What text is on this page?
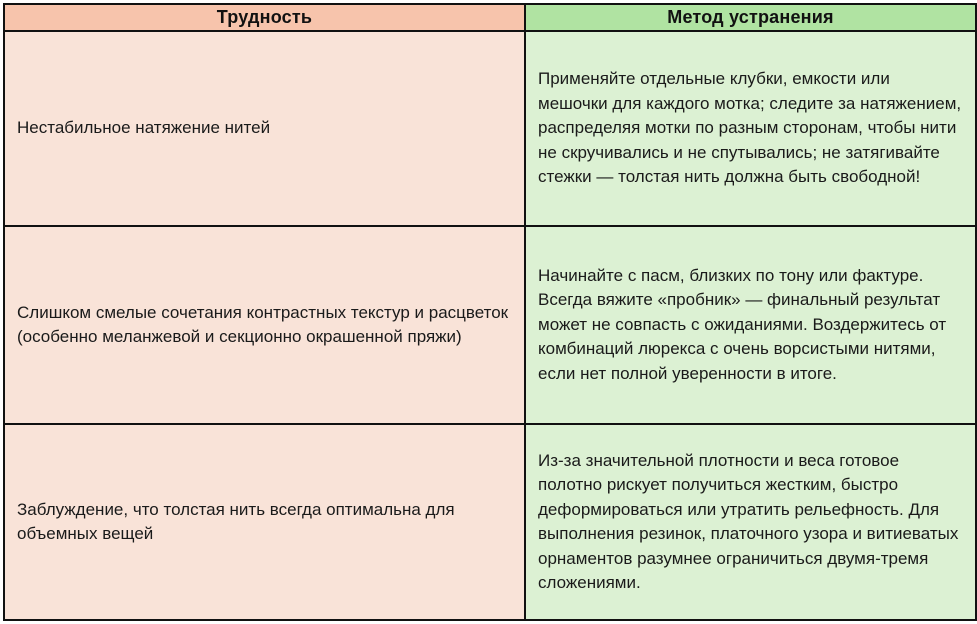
Трудность	Метод устранения
Нестабильное натяжение нитей	Применяйте отдельные клубки, емкости или мешочки для каждого мотка; следите за натяжением, распределяя мотки по разным сторонам, чтобы нити не скручивались и не спутывались; не затягивайте стежки — толстая нить должна быть свободной!
Слишком смелые сочетания контрастных текстур и расцветок (особенно меланжевой и секционно окрашенной пряжи)	Начинайте с пасм, близких по тону или фактуре. Всегда вяжите «пробник» — финальный результат может не совпасть с ожиданиями. Воздержитесь от комбинаций люрекса с очень ворсистыми нитями, если нет полной уверенности в итоге.
Заблуждение, что толстая нить всегда оптимальна для объемных вещей	Из-за значительной плотности и веса готовое полотно рискует получиться жестким, быстро деформироваться или утратить рельефность. Для выполнения резинок, платочного узора и витиеватых орнаментов разумнее ограничиться двумя-тремя сложениями.
